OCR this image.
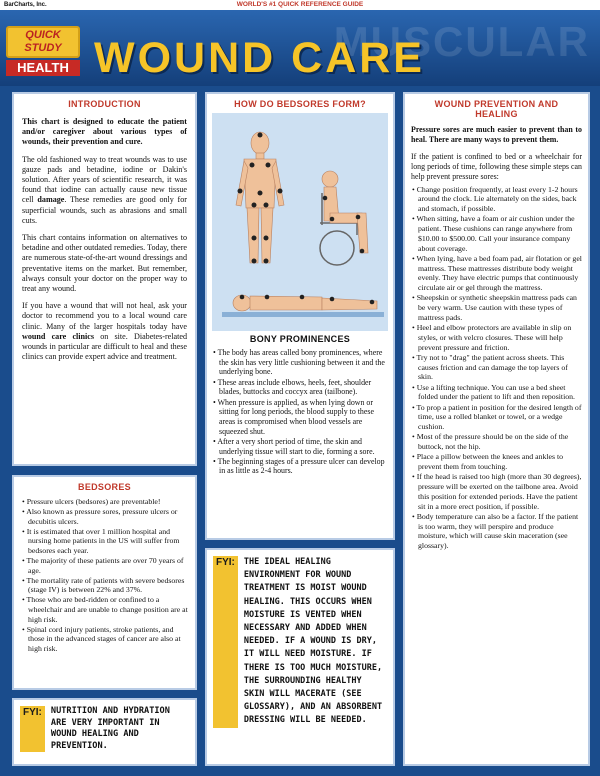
BarCharts, Inc.	WORLD'S #1 QUICK REFERENCE GUIDE
MUSCULAR
QUICK STUDY
HEALTH WOUND CARE
INTRODUCTION

This chart is designed to educate the patient and/or caregiver about various types of wounds, their prevention and cure.

The old fashioned way to treat wounds was to use gauze pads and betadine, iodine or Dakin's solution. After years of scientific research, it was found that iodine can actually cause new tissue cell damage. These remedies are good only for superficial wounds, such as abrasions and small cuts.

This chart contains information on alternatives to betadine and other outdated remedies. Today, there are numerous state-of-the-art wound dressings and preventative items on the market. But remember, always consult your doctor on the proper way to treat any wound.

If you have a wound that will not heal, ask your doctor to recommend you to a local wound care clinic. Many of the larger hospitals today have wound care clinics on site. Diabetes-related wounds in particular are difficult to heal and these clinics can provide expert advice and treatment.

BEDSORES
• Pressure ulcers (bedsores) are preventable!
• Also known as pressure sores, pressure ulcers or decubitis ulcers.
• It is estimated that over 1 million hospital and nursing home patients in the US will suffer from bedsores each year.
• The majority of these patients are over 70 years of age.
• The mortality rate of patients with severe bedsores (stage IV) is between 22% and 37%.
• Those who are bed-ridden or confined to a wheelchair and are unable to change position are at high risk.
• Spinal cord injury patients, stroke patients, and those in the advanced stages of cancer are also at high risk.
FYI:	NUTRITION AND HYDRATION ARE VERY IMPORTANT IN WOUND HEALING AND PREVENTION.
HOW DO BEDSORES FORM?
BONY PROMINENCES
• The body has areas called bony prominences, where the skin has very little cushioning between it and the underlying bone.
• These areas include elbows, heels, feet, shoulder blades, buttocks and coccyx area (tailbone).
• When pressure is applied, as when lying down or sitting for long periods, the blood supply to these areas is compromised when blood vessels are squeezed shut.
• After a very short period of time, the skin and underlying tissue will start to die, forming a sore.
• The beginning stages of a pressure ulcer can develop in as little as 2-4 hours.
FYI:	THE IDEAL HEALING ENVIRONMENT FOR WOUND TREATMENT IS MOIST WOUND HEALING. THIS OCCURS WHEN MOISTURE IS VENTED WHEN NECESSARY AND ADDED WHEN NEEDED. IF A WOUND IS DRY, IT WILL NEED MOISTURE. IF THERE IS TOO MUCH MOISTURE, THE SURROUNDING HEALTHY SKIN WILL MACERATE (SEE GLOSSARY), AND AN ABSORBENT DRESSING WILL BE NEEDED.
WOUND PREVENTION AND HEALING

Pressure sores are much easier to prevent than to heal. There are many ways to prevent them.

If the patient is confined to bed or a wheelchair for long periods of time, following these simple steps can help prevent pressure sores:

• Change position frequently, at least every 1-2 hours around the clock. Lie alternately on the sides, back and stomach, if possible.
• When sitting, have a foam or air cushion under the patient. These cushions can range anywhere from $10.00 to $500.00. Call your insurance company about coverage.
• When lying, have a bed foam pad, air flotation or gel mattress. These mattresses distribute body weight evenly. They have electric pumps that continuously circulate air or gel through the mattress.
• Sheepskin or synthetic sheepskin mattress pads can be very warm. Use caution with these types of mattress pads.
• Heel and elbow protectors are available in slip on styles, or with velcro closures. These will help prevent pressure and friction.
• Try not to "drag" the patient across sheets. This causes friction and can damage the top layers of skin.
• Use a lifting technique. You can use a bed sheet folded under the patient to lift and then reposition.
• To prop a patient in position for the desired length of time, use a rolled blanket or towel, or a wedge cushion.
• Most of the pressure should be on the side of the buttock, not the hip.
• Place a pillow between the knees and ankles to prevent them from touching.
• If the head is raised too high (more than 30 degrees), pressure will be exerted on the tailbone area. Avoid this position for extended periods. Have the patient sit in a more erect position, if possible.
• Body temperature can also be a factor. If the patient is too warm, they will perspire and produce moisture, which will cause skin maceration (see glossary).
